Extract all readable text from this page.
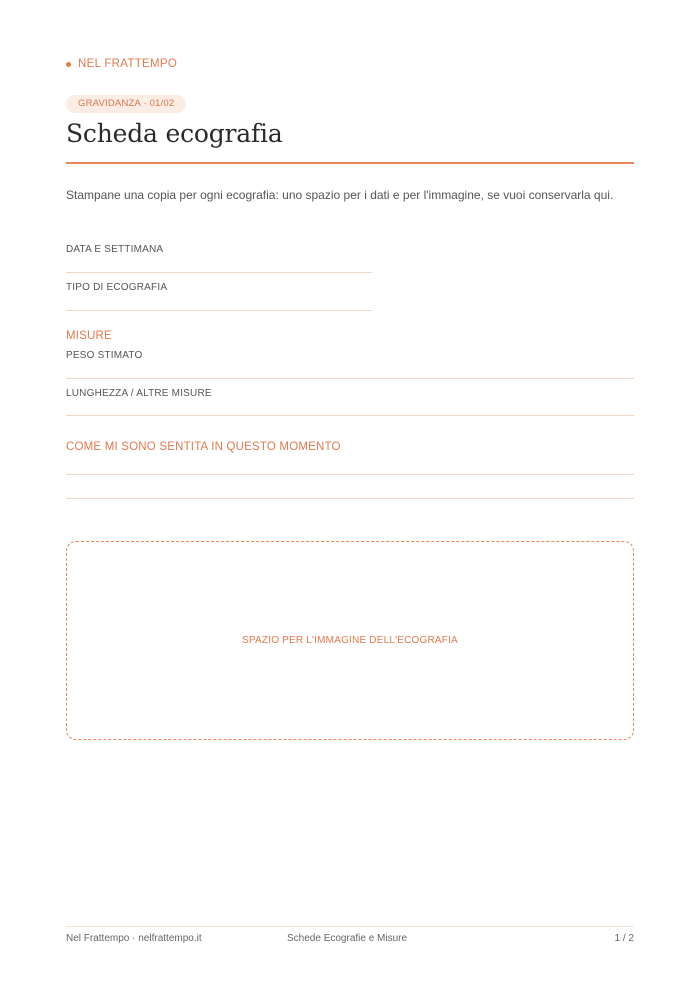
NEL FRATTEMPO
GRAVIDANZA · 01/02
Scheda ecografia

Stampane una copia per ogni ecografia: uno spazio per i dati e per l'immagine, se vuoi conservarla qui.

DATA E SETTIMANA
TIPO DI ECOGRAFIA
MISURE
PESO STIMATO
LUNGHEZZA / ALTRE MISURE
COME MI SONO SENTITA IN QUESTO MOMENTO
SPAZIO PER L'IMMAGINE DELL'ECOGRAFIA
Nel Frattempo · nelfrattempo.it	Schede Ecografie e Misure	1 / 2
